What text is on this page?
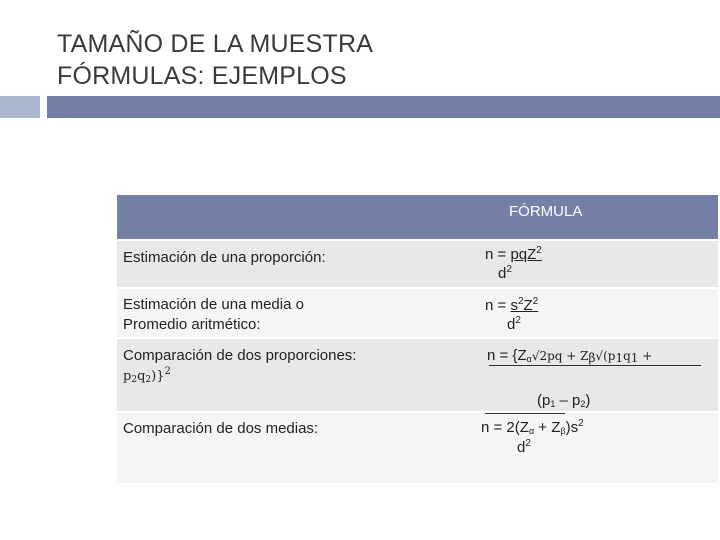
TAMAÑO DE LA MUESTRA
FÓRMULAS: EJEMPLOS
FÓRMULA
Estimación de una proporción:	n = pqZ$^2$
$d^2$
Estimación de una media o
Promedio aritmético:
$n = s^2Z^2$
$d^2$
Comparación de dos proporciones:
$p_2q_2)\}^2$
$n = \{Z_\alpha√2pq + Z_\beta√(p_1q_1$ +
$(p_1 - p_2)$
Comparación de dos medias:	$n = 2(Z_\alpha + Z_\beta)s^2$
$d^2$
